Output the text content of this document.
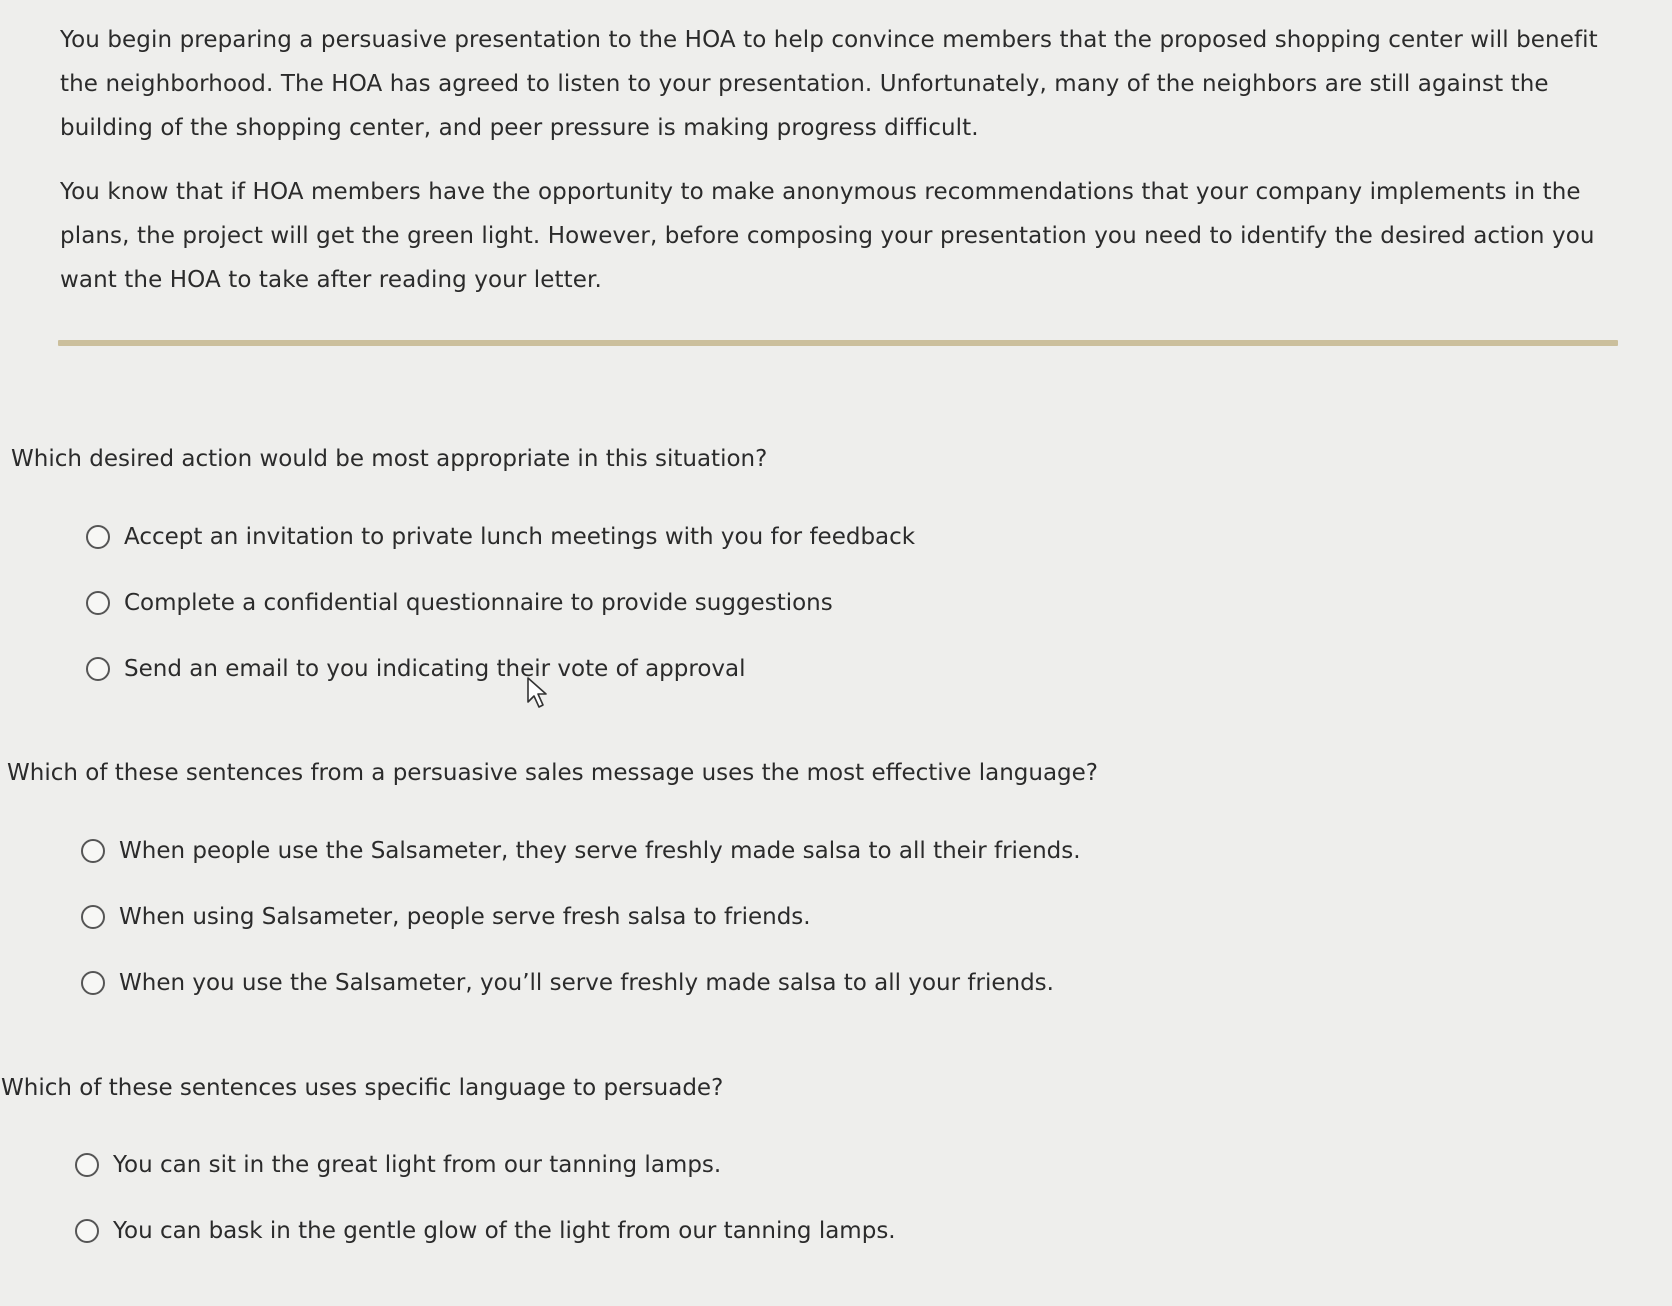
You begin preparing a persuasive presentation to the HOA to help convince members that the proposed shopping center will benefit the neighborhood. The HOA has agreed to listen to your presentation. Unfortunately, many of the neighbors are still against the building of the shopping center, and peer pressure is making progress difficult.

You know that if HOA members have the opportunity to make anonymous recommendations that your company implements in the plans, the project will get the green light. However, before composing your presentation you need to identify the desired action you want the HOA to take after reading your letter.

Which desired action would be most appropriate in this situation?
Accept an invitation to private lunch meetings with you for feedback
Complete a confidential questionnaire to provide suggestions
Send an email to you indicating their vote of approval
Which of these sentences from a persuasive sales message uses the most effective language?
When people use the Salsameter, they serve freshly made salsa to all their friends.
When using Salsameter, people serve fresh salsa to friends.
When you use the Salsameter, you’ll serve freshly made salsa to all your friends.
Which of these sentences uses specific language to persuade?
You can sit in the great light from our tanning lamps.
You can bask in the gentle glow of the light from our tanning lamps.
